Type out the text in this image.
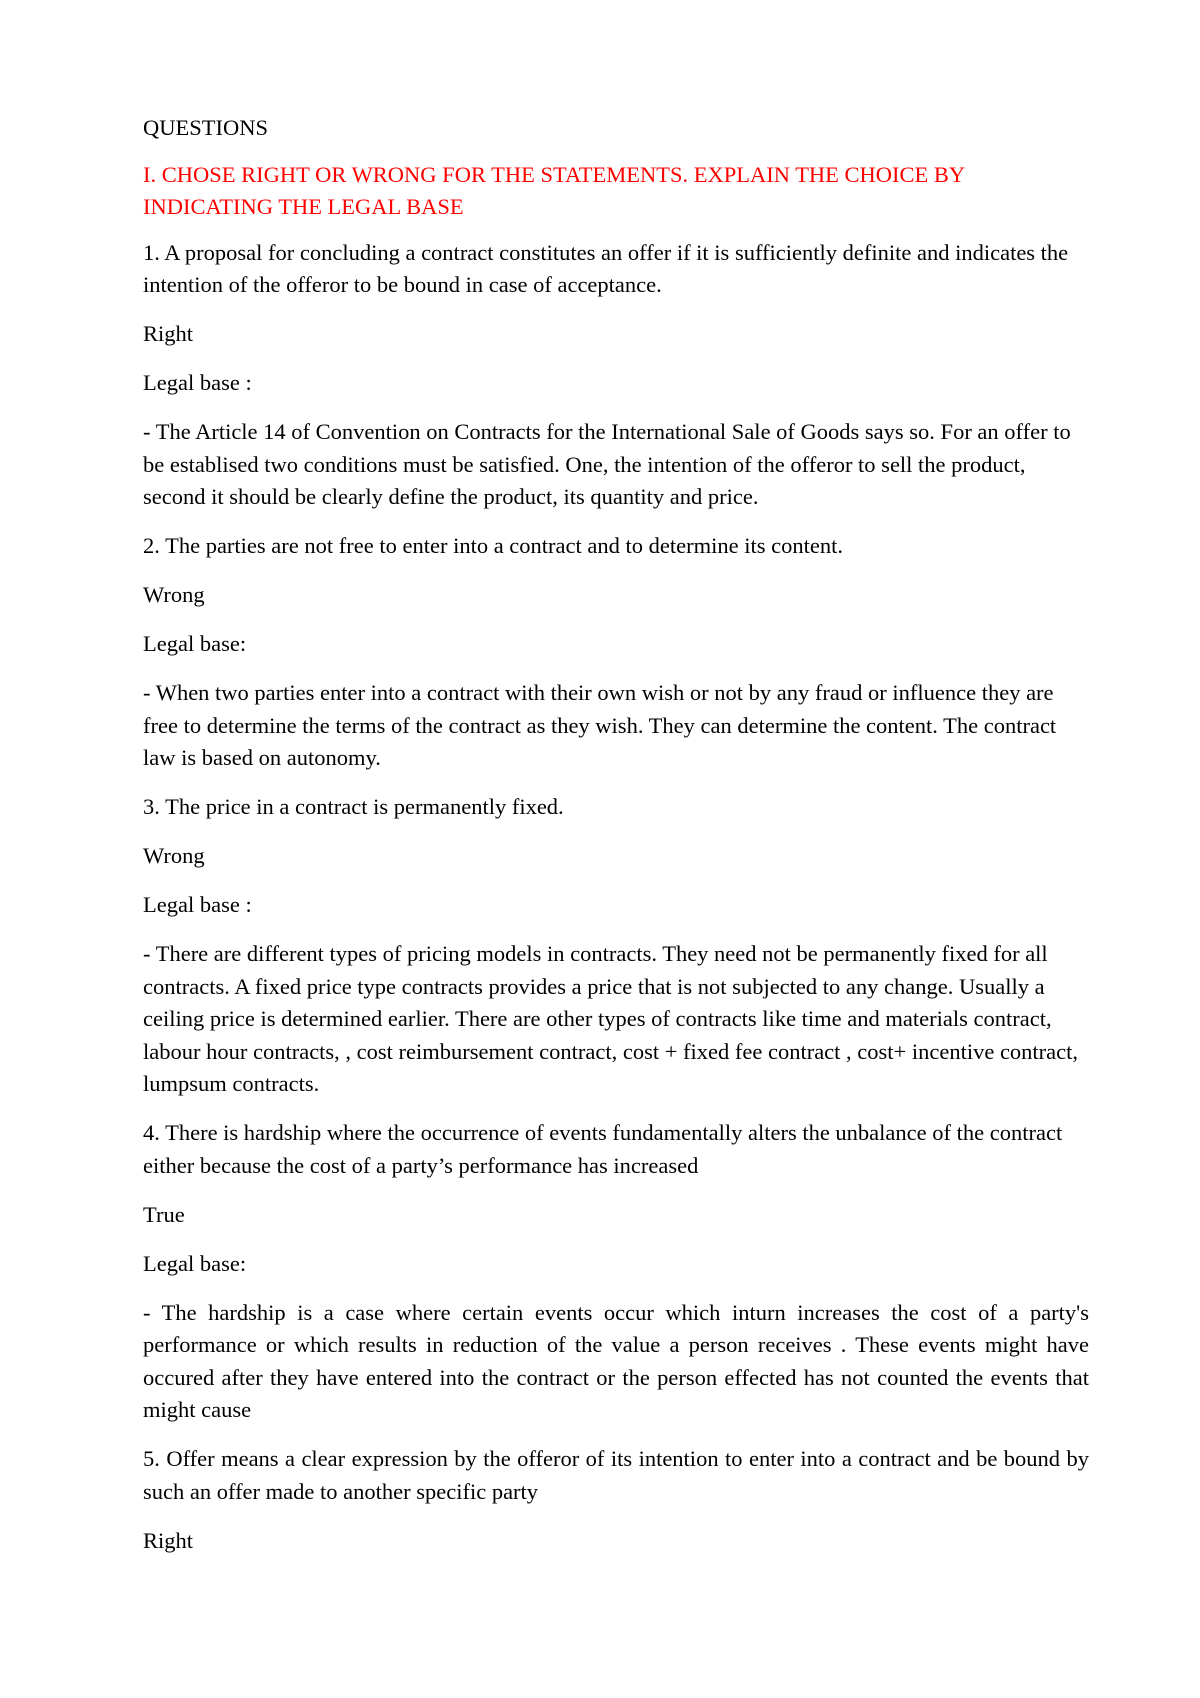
QUESTIONS

I. CHOSE RIGHT OR WRONG FOR THE STATEMENTS. EXPLAIN THE CHOICE BY INDICATING THE LEGAL BASE

1. A proposal for concluding a contract constitutes an offer if it is sufficiently definite and indicates the intention of the offeror to be bound in case of acceptance.

Right

Legal base :

- The Article 14 of Convention on Contracts for the International Sale of Goods says so. For an offer to be establised two conditions must be satisfied. One, the intention of the offeror to sell the product, second it should be clearly define the product, its quantity and price.

2. The parties are not free to enter into a contract and to determine its content.

Wrong

Legal base:

- When two parties enter into a contract with their own wish or not by any fraud or influence they are free to determine the terms of the contract as they wish. They can determine the content. The contract law is based on autonomy.

3. The price in a contract is permanently fixed.

Wrong

Legal base :

- There are different types of pricing models in contracts. They need not be permanently fixed for all contracts. A fixed price type contracts provides a price that is not subjected to any change. Usually a ceiling price is determined earlier. There are other types of contracts like time and materials contract, labour hour contracts, , cost reimbursement contract, cost + fixed fee contract , cost+ incentive contract, lumpsum contracts.

4. There is hardship where the occurrence of events fundamentally alters the unbalance of the contract either because the cost of a party’s performance has increased

True

Legal base:

- The hardship is a case where certain events occur which inturn increases the cost of a party's performance or which results in reduction of the value a person receives . These events might have occured after they have entered into the contract or the person effected has not counted the events that might cause

5. Offer means a clear expression by the offeror of its intention to enter into a contract and be bound by such an offer made to another specific party

Right
